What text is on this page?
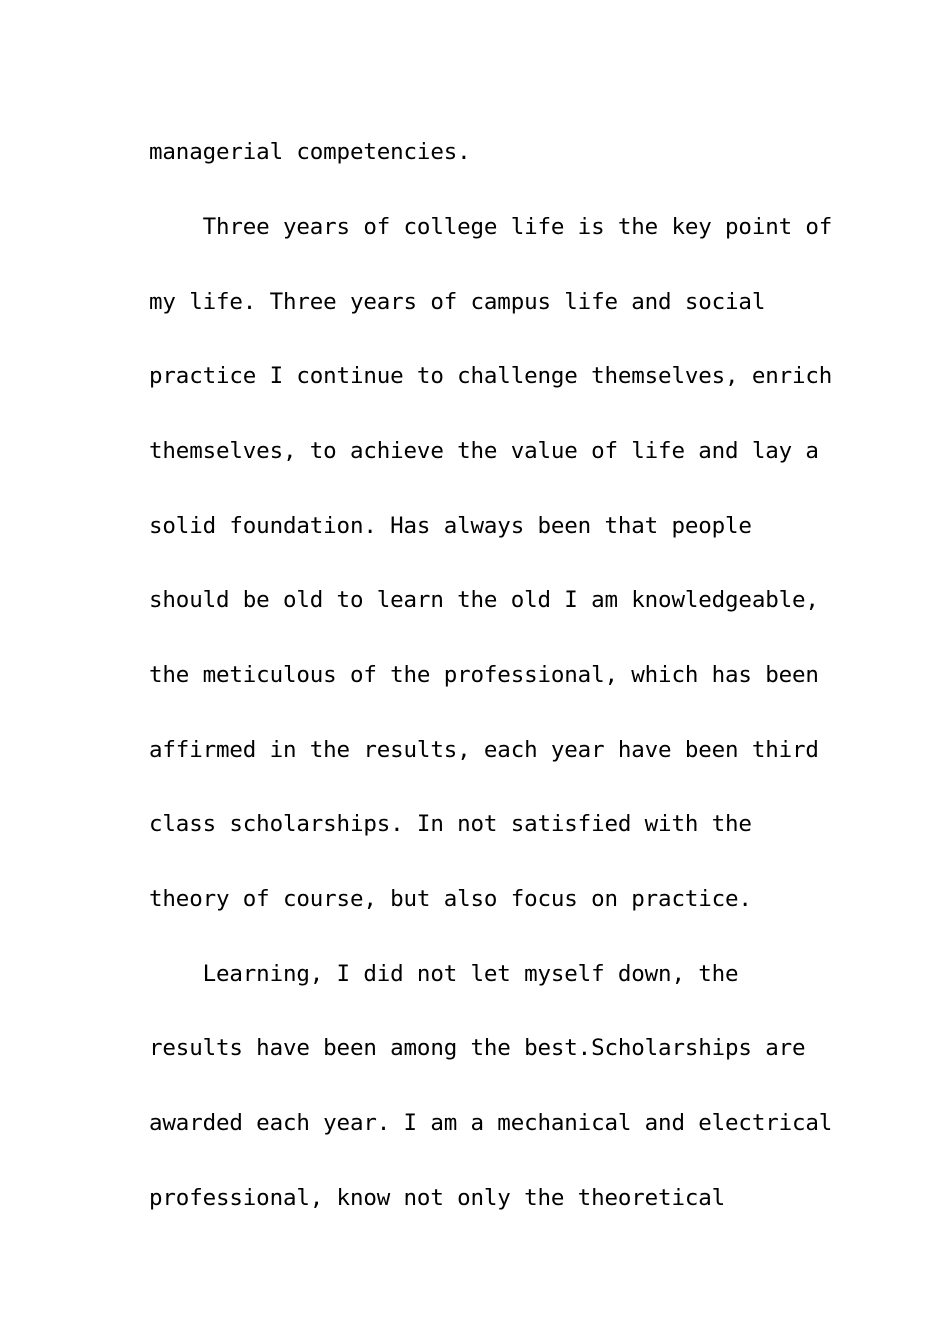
managerial competencies.
Three years of college life is the key point of
my life. Three years of campus life and social
practice I continue to challenge themselves, enrich
themselves, to achieve the value of life and lay a
solid foundation. Has always been that people
should be old to learn the old I am knowledgeable,
the meticulous of the professional, which has been
affirmed in the results, each year have been third
class scholarships. In not satisfied with the
theory of course, but also focus on practice.
Learning, I did not let myself down, the
results have been among the best.Scholarships are
awarded each year. I am a mechanical and electrical
professional, know not only the theoretical
